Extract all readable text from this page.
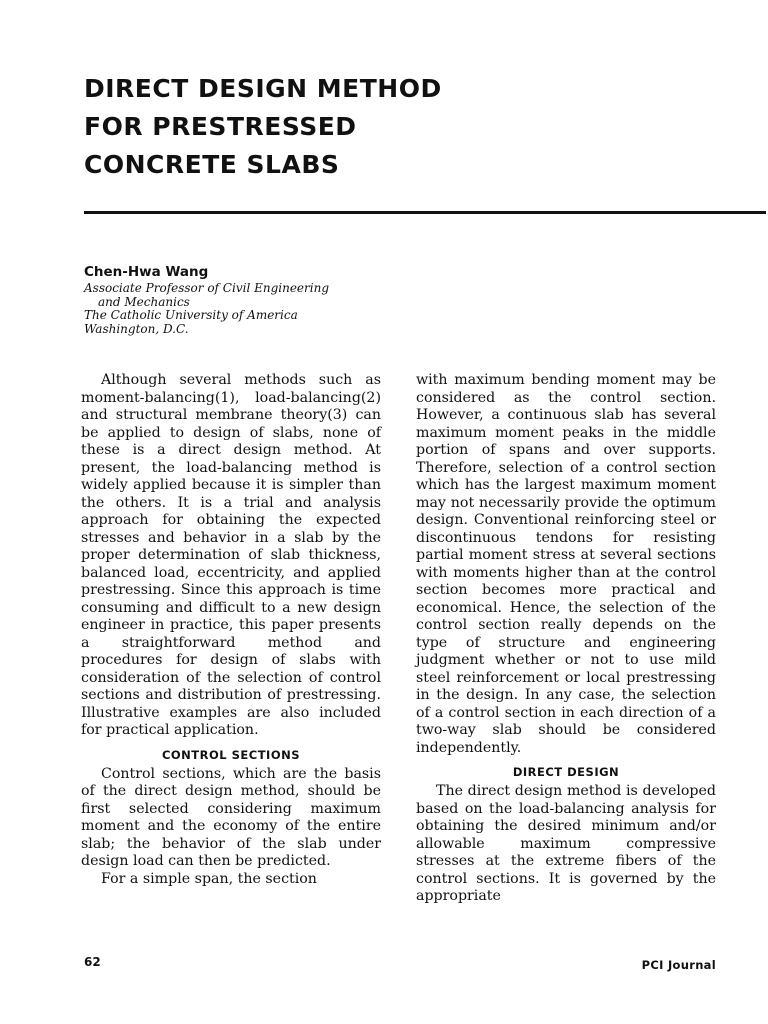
DIRECT DESIGN METHOD
FOR PRESTRESSED
CONCRETE SLABS
Chen-Hwa Wang
Associate Professor of Civil Engineering
and Mechanics
The Catholic University of America
Washington, D.C.

Although several methods such as moment-balancing(1), load-balancing(2) and structural membrane theory(3) can be applied to design of slabs, none of these is a direct design method. At present, the load-balancing method is widely applied because it is simpler than the others. It is a trial and analysis approach for obtaining the expected stresses and behavior in a slab by the proper determination of slab thickness, balanced load, eccentricity, and applied prestressing. Since this approach is time consuming and difficult to a new design engineer in practice, this paper presents a straightforward method and procedures for design of slabs with consideration of the selection of control sections and distribution of prestressing. Illustrative examples are also included for practical application.

CONTROL SECTIONS

Control sections, which are the basis of the direct design method, should be first selected considering maximum moment and the economy of the entire slab; the behavior of the slab under design load can then be predicted.

For a simple span, the section

with maximum bending moment may be considered as the control section. However, a continuous slab has several maximum moment peaks in the middle portion of spans and over supports. Therefore, selection of a control section which has the largest maximum moment may not necessarily provide the optimum design. Conventional reinforcing steel or discontinuous tendons for resisting partial moment stress at several sections with moments higher than at the control section becomes more practical and economical. Hence, the selection of the control section really depends on the type of structure and engineering judgment whether or not to use mild steel reinforcement or local prestressing in the design. In any case, the selection of a control section in each direction of a two-way slab should be considered independently.

DIRECT DESIGN

The direct design method is developed based on the load-balancing analysis for obtaining the desired minimum and/or allowable maximum compressive stresses at the extreme fibers of the control sections. It is governed by the appropriate

62	PCI Journal
